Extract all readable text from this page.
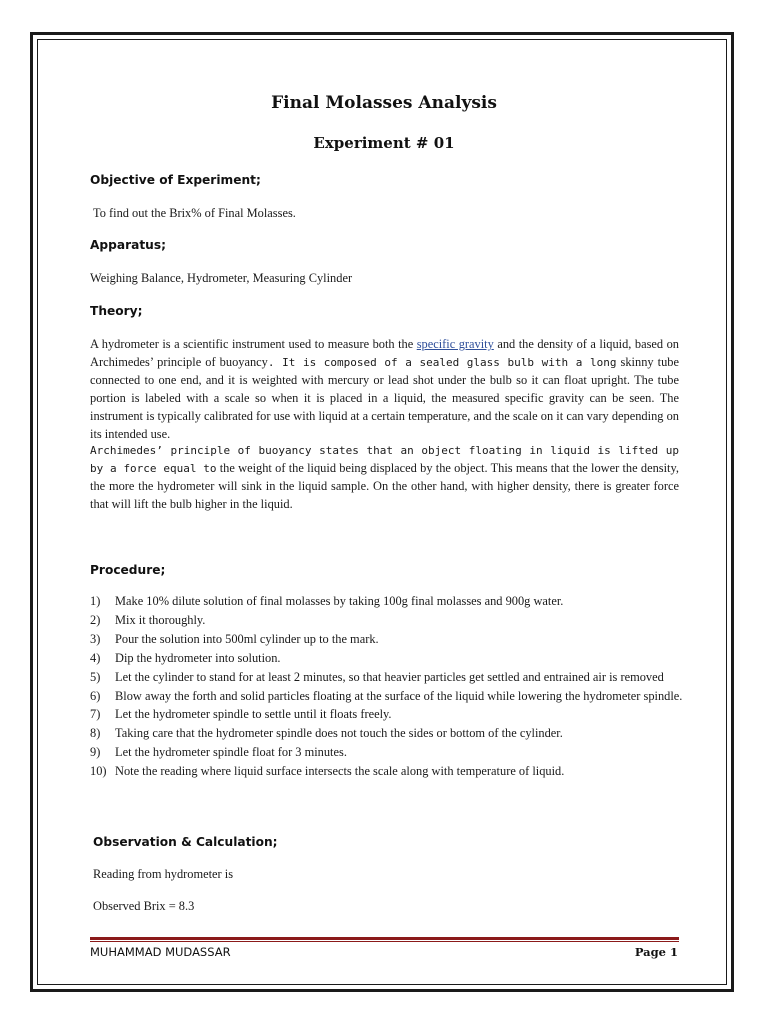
Final Molasses Analysis
Experiment # 01
Objective of Experiment;
To find out the Brix% of Final Molasses.
Apparatus;
Weighing Balance, Hydrometer, Measuring Cylinder
Theory;
A hydrometer is a scientific instrument used to measure both the specific gravity and the density of a liquid, based on Archimedes’ principle of buoyancy. It is composed of a sealed glass bulb with a long skinny tube connected to one end, and it is weighted with mercury or lead shot under the bulb so it can float upright. The tube portion is labeled with a scale so when it is placed in a liquid, the measured specific gravity can be seen. The instrument is typically calibrated for use with liquid at a certain temperature, and the scale on it can vary depending on its intended use.
Archimedes’ principle of buoyancy states that an object floating in liquid is lifted up by a force equal to the weight of the liquid being displaced by the object. This means that the lower the density, the more the hydrometer will sink in the liquid sample. On the other hand, with higher density, there is greater force that will lift the bulb higher in the liquid.
Procedure;
1) Make 10% dilute solution of final molasses by taking 100g final molasses and 900g water.
2) Mix it thoroughly.
3) Pour the solution into 500ml cylinder up to the mark.
4) Dip the hydrometer into solution.
5) Let the cylinder to stand for at least 2 minutes, so that heavier particles get settled and entrained air is removed
6) Blow away the forth and solid particles floating at the surface of the liquid while lowering the hydrometer spindle.
7) Let the hydrometer spindle to settle until it floats freely.
8) Taking care that the hydrometer spindle does not touch the sides or bottom of the cylinder.
9) Let the hydrometer spindle float for 3 minutes.
10) Note the reading where liquid surface intersects the scale along with temperature of liquid.
Observation & Calculation;
Reading from hydrometer is
Observed Brix = 8.3
MUHAMMAD MUDASSAR	Page 1
